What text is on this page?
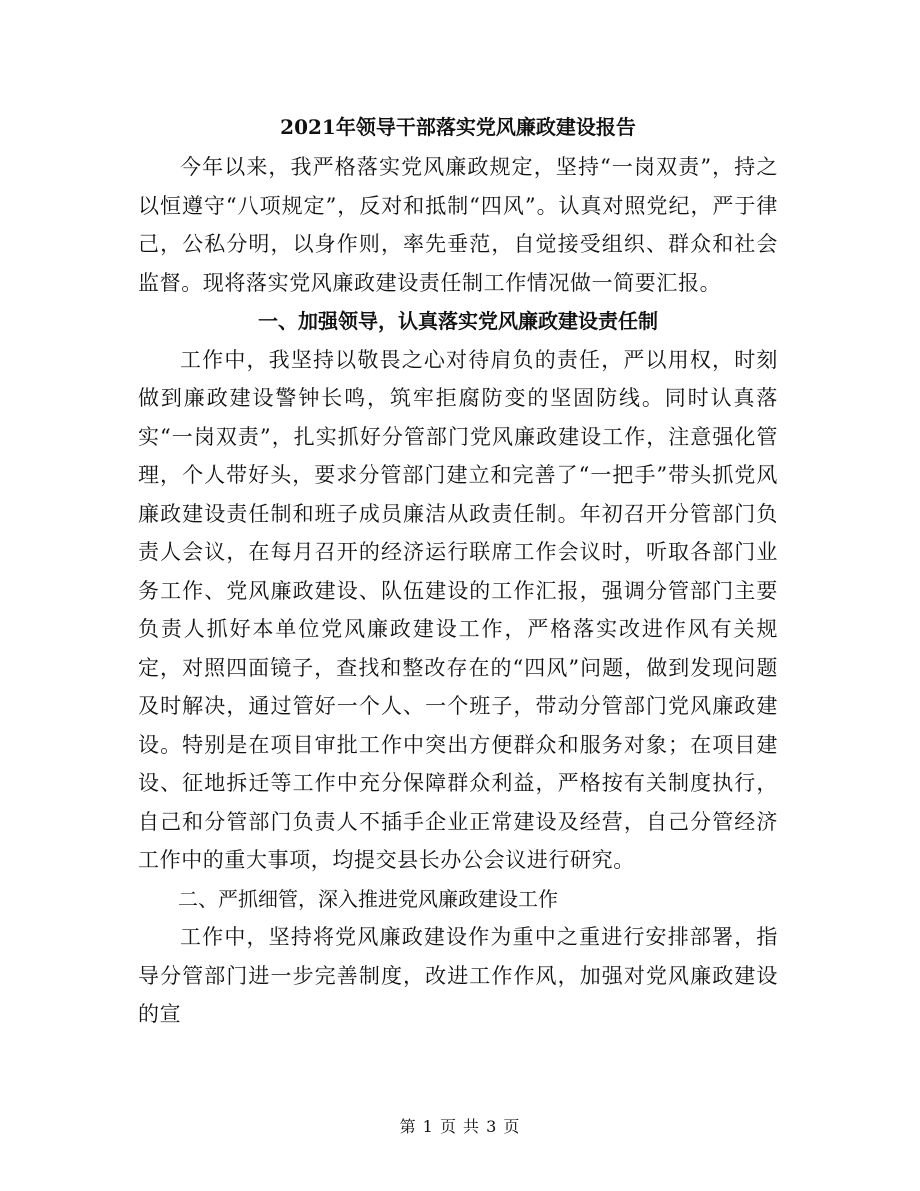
2021年领导干部落实党风廉政建设报告

今年以来，我严格落实党风廉政规定，坚持“一岗双责”，持之以恒遵守“八项规定”，反对和抵制“四风”。认真对照党纪，严于律己，公私分明，以身作则，率先垂范，自觉接受组织、群众和社会监督。现将落实党风廉政建设责任制工作情况做一简要汇报。

一、加强领导，认真落实党风廉政建设责任制

工作中，我坚持以敬畏之心对待肩负的责任，严以用权，时刻做到廉政建设警钟长鸣，筑牢拒腐防变的坚固防线。同时认真落实“一岗双责”，扎实抓好分管部门党风廉政建设工作，注意强化管理，个人带好头，要求分管部门建立和完善了“一把手”带头抓党风廉政建设责任制和班子成员廉洁从政责任制。年初召开分管部门负责人会议，在每月召开的经济运行联席工作会议时，听取各部门业务工作、党风廉政建设、队伍建设的工作汇报，强调分管部门主要负责人抓好本单位党风廉政建设工作，严格落实改进作风有关规定，对照四面镜子，查找和整改存在的“四风”问题，做到发现问题及时解决，通过管好一个人、一个班子，带动分管部门党风廉政建设。特别是在项目审批工作中突出方便群众和服务对象；在项目建设、征地拆迁等工作中充分保障群众利益，严格按有关制度执行，自己和分管部门负责人不插手企业正常建设及经营，自己分管经济工作中的重大事项，均提交县长办公会议进行研究。

二、严抓细管，深入推进党风廉政建设工作

工作中，坚持将党风廉政建设作为重中之重进行安排部署，指导分管部门进一步完善制度，改进工作作风，加强对党风廉政建设的宣

第 1 页 共 3 页
